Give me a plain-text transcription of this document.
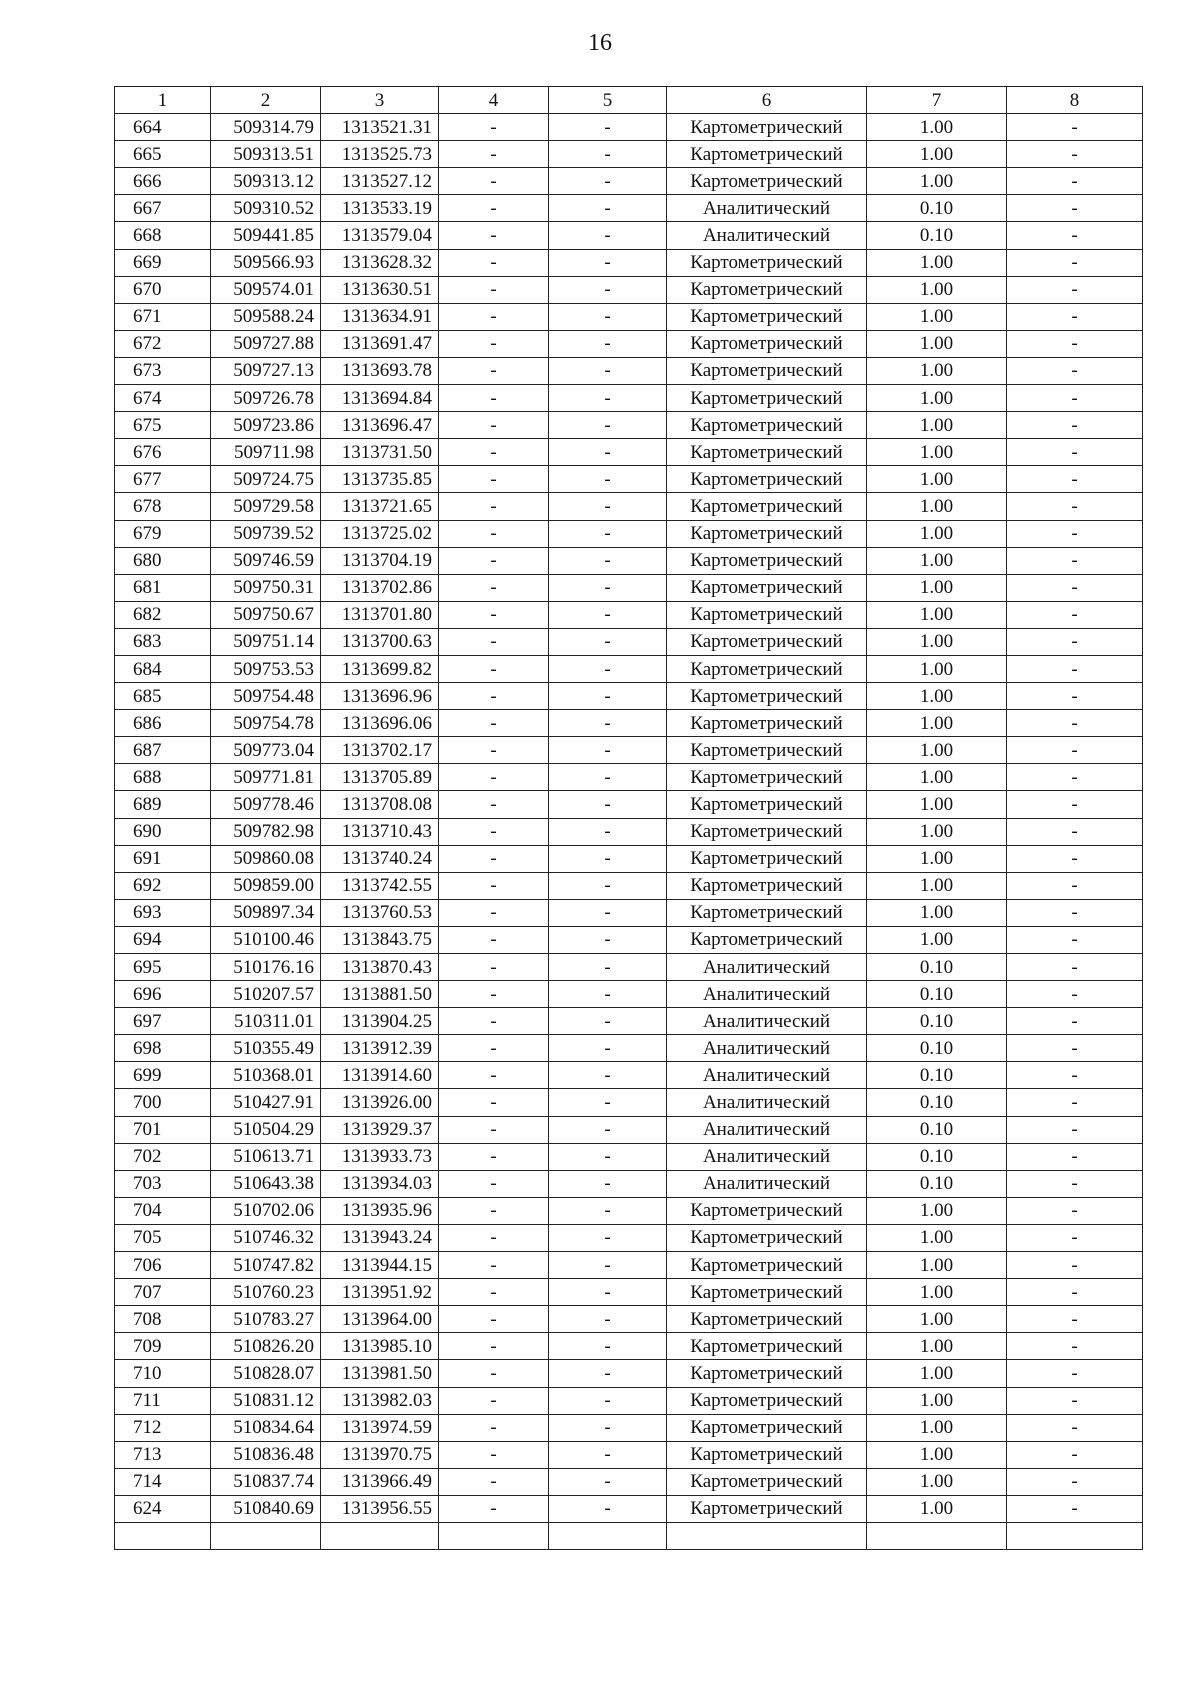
16
1	2	3	4	5	6	7	8
664	509314.79	1313521.31	-	-	Картометрический	1.00	-
665	509313.51	1313525.73	-	-	Картометрический	1.00	-
666	509313.12	1313527.12	-	-	Картометрический	1.00	-
667	509310.52	1313533.19	-	-	Аналитический	0.10	-
668	509441.85	1313579.04	-	-	Аналитический	0.10	-
669	509566.93	1313628.32	-	-	Картометрический	1.00	-
670	509574.01	1313630.51	-	-	Картометрический	1.00	-
671	509588.24	1313634.91	-	-	Картометрический	1.00	-
672	509727.88	1313691.47	-	-	Картометрический	1.00	-
673	509727.13	1313693.78	-	-	Картометрический	1.00	-
674	509726.78	1313694.84	-	-	Картометрический	1.00	-
675	509723.86	1313696.47	-	-	Картометрический	1.00	-
676	509711.98	1313731.50	-	-	Картометрический	1.00	-
677	509724.75	1313735.85	-	-	Картометрический	1.00	-
678	509729.58	1313721.65	-	-	Картометрический	1.00	-
679	509739.52	1313725.02	-	-	Картометрический	1.00	-
680	509746.59	1313704.19	-	-	Картометрический	1.00	-
681	509750.31	1313702.86	-	-	Картометрический	1.00	-
682	509750.67	1313701.80	-	-	Картометрический	1.00	-
683	509751.14	1313700.63	-	-	Картометрический	1.00	-
684	509753.53	1313699.82	-	-	Картометрический	1.00	-
685	509754.48	1313696.96	-	-	Картометрический	1.00	-
686	509754.78	1313696.06	-	-	Картометрический	1.00	-
687	509773.04	1313702.17	-	-	Картометрический	1.00	-
688	509771.81	1313705.89	-	-	Картометрический	1.00	-
689	509778.46	1313708.08	-	-	Картометрический	1.00	-
690	509782.98	1313710.43	-	-	Картометрический	1.00	-
691	509860.08	1313740.24	-	-	Картометрический	1.00	-
692	509859.00	1313742.55	-	-	Картометрический	1.00	-
693	509897.34	1313760.53	-	-	Картометрический	1.00	-
694	510100.46	1313843.75	-	-	Картометрический	1.00	-
695	510176.16	1313870.43	-	-	Аналитический	0.10	-
696	510207.57	1313881.50	-	-	Аналитический	0.10	-
697	510311.01	1313904.25	-	-	Аналитический	0.10	-
698	510355.49	1313912.39	-	-	Аналитический	0.10	-
699	510368.01	1313914.60	-	-	Аналитический	0.10	-
700	510427.91	1313926.00	-	-	Аналитический	0.10	-
701	510504.29	1313929.37	-	-	Аналитический	0.10	-
702	510613.71	1313933.73	-	-	Аналитический	0.10	-
703	510643.38	1313934.03	-	-	Аналитический	0.10	-
704	510702.06	1313935.96	-	-	Картометрический	1.00	-
705	510746.32	1313943.24	-	-	Картометрический	1.00	-
706	510747.82	1313944.15	-	-	Картометрический	1.00	-
707	510760.23	1313951.92	-	-	Картометрический	1.00	-
708	510783.27	1313964.00	-	-	Картометрический	1.00	-
709	510826.20	1313985.10	-	-	Картометрический	1.00	-
710	510828.07	1313981.50	-	-	Картометрический	1.00	-
711	510831.12	1313982.03	-	-	Картометрический	1.00	-
712	510834.64	1313974.59	-	-	Картометрический	1.00	-
713	510836.48	1313970.75	-	-	Картометрический	1.00	-
714	510837.74	1313966.49	-	-	Картометрический	1.00	-
624	510840.69	1313956.55	-	-	Картометрический	1.00	-
